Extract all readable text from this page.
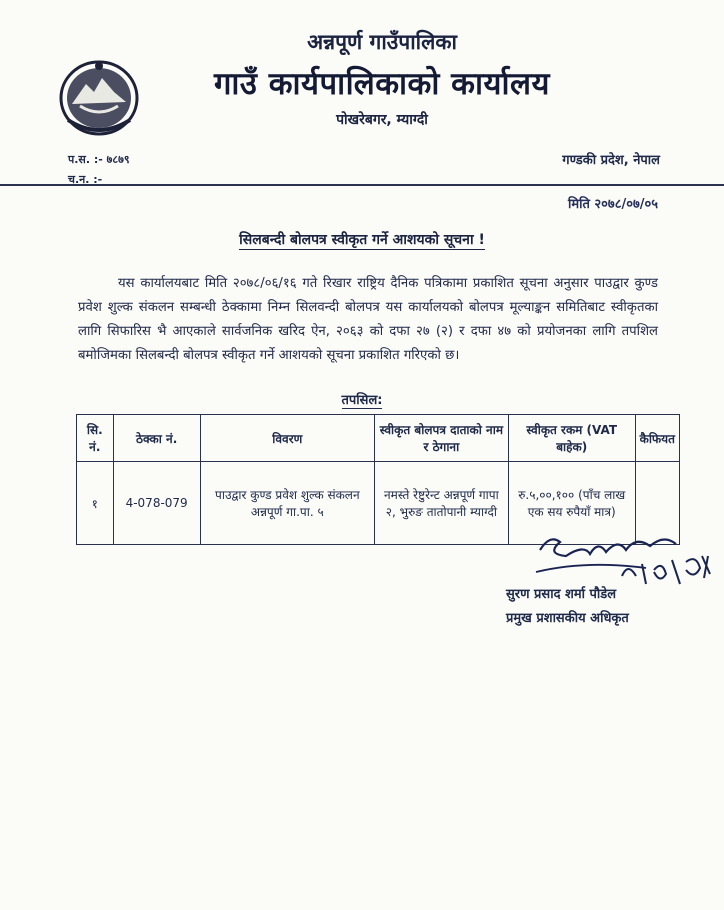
अन्नपूर्ण गाउँपालिका
गाउँ कार्यपालिकाको कार्यालय
पोखरेबगर, म्याग्दी
प.स. :- ७८७९
च.न. :-
गण्डकी प्रदेश, नेपाल
मिति २०७८/०७/०५
सिलबन्दी बोलपत्र स्वीकृत गर्ने आशयको सूचना !
यस कार्यालयबाट मिति २०७८/०६/१६ गते रिखार राष्ट्रिय दैनिक पत्रिकामा प्रकाशित सूचना अनुसार पाउद्वार कुण्ड प्रवेश शुल्क संकलन सम्बन्धी ठेक्कामा निम्न सिलवन्दी बोलपत्र यस कार्यालयको बोलपत्र मूल्याङ्कन समितिबाट स्वीकृतका लागि सिफारिस भै आएकाले सार्वजनिक खरिद ऐन, २०६३ को दफा २७ (२) र दफा ४७ को प्रयोजनका लागि तपशिल बमोजिमका सिलबन्दी बोलपत्र स्वीकृत गर्ने आशयको सूचना प्रकाशित गरिएको छ।
तपसिल:
सि. नं.	ठेक्का नं.	विवरण	स्वीकृत बोलपत्र दाताको नाम र ठेगाना	स्वीकृत रकम (VAT बाहेक)	कैफियत
१	4-078-079	पाउद्वार कुण्ड प्रवेश शुल्क संकलन अन्नपूर्ण गा.पा. ५	नमस्ते रेष्टुरेन्ट अन्नपूर्ण गापा २, भुरुङ तातोपानी म्याग्दी	रु.५,००,१०० (पाँच लाख एक सय रुपैयाँ मात्र)	
सुरण प्रसाद शर्मा पौडेल
प्रमुख प्रशासकीय अधिकृत
